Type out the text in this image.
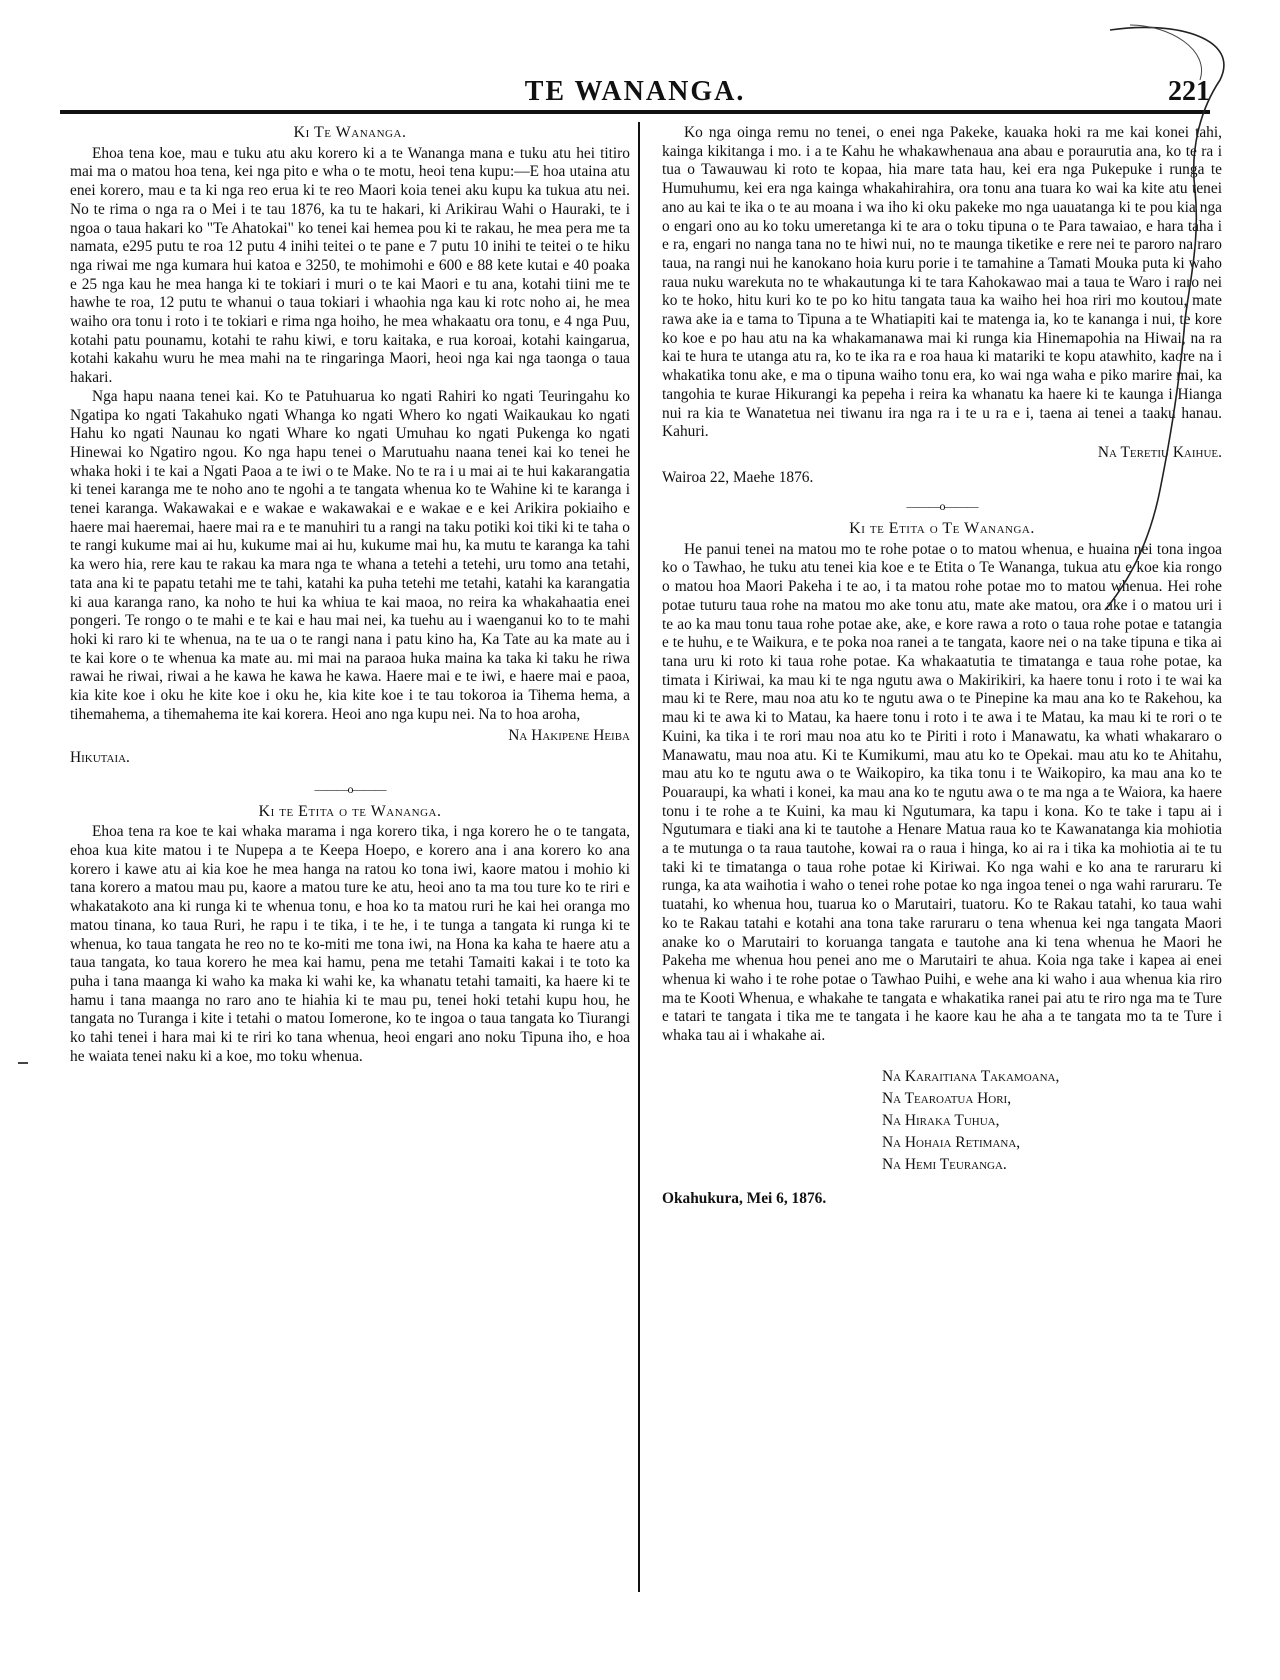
TE WANANGA.	221
Ki Te Wananga.

Ehoa tena koe, mau e tuku atu aku korero ki a te Wananga mana e tuku atu hei titiro mai ma o matou hoa tena, kei nga pito e wha o te motu, heoi tena kupu:—E hoa utaina atu enei korero, mau e ta ki nga reo erua ki te reo Maori koia tenei aku kupu ka tukua atu nei. No te rima o nga ra o Mei i te tau 1876, ka tu te hakari, ki Arikirau Wahi o Hauraki, te i ngoa o taua hakari ko "Te Ahatokai" ko tenei kai hemea pou ki te rakau, he mea pera me ta namata, e295 putu te roa 12 putu 4 inihi teitei o te pane e 7 putu 10 inihi te teitei o te hiku nga riwai me nga kumara hui katoa e 3250, te mohimohi e 600 e 88 kete kutai e 40 poaka e 25 nga kau he mea hanga ki te tokiari i muri o te kai Maori e tu ana, kotahi tiini me te hawhe te roa, 12 putu te whanui o taua tokiari i whaohia nga kau ki rotc noho ai, he mea waiho ora tonu i roto i te tokiari e rima nga hoiho, he mea whakaatu ora tonu, e 4 nga Puu, kotahi patu pounamu, kotahi te rahu kiwi, e toru kaitaka, e rua koroai, kotahi kaingarua, kotahi kakahu wuru he mea mahi na te ringaringa Maori, heoi nga kai nga taonga o taua hakari.

Nga hapu naana tenei kai. Ko te Patuhuarua ko ngati Rahiri ko ngati Teuringahu ko Ngatipa ko ngati Takahuko ngati Whanga ko ngati Whero ko ngati Waikaukau ko ngati Hahu ko ngati Naunau ko ngati Whare ko ngati Umuhau ko ngati Pukenga ko ngati Hinewai ko Ngatiro ngou. Ko nga hapu tenei o Marutuahu naana tenei kai ko tenei he whaka hoki i te kai a Ngati Paoa a te iwi o te Make. No te ra i u mai ai te hui kakarangatia ki tenei karanga me te noho ano te ngohi a te tangata whenua ko te Wahine ki te karanga i tenei karanga. Wakawakai e e wakae e wakawakai e e wakae e e kei Arikira pokiaiho e haere mai haeremai, haere mai ra e te manuhiri tu a rangi na taku potiki koi tiki ki te taha o te rangi kukume mai ai hu, kukume mai ai hu, kukume mai hu, ka mutu te karanga ka tahi ka wero hia, rere kau te rakau ka mara nga te whana a tetehi a tetehi, uru tomo ana tetahi, tata ana ki te papatu tetahi me te tahi, katahi ka puha tetehi me tetahi, katahi ka karangatia ki aua karanga rano, ka noho te hui ka whiua te kai maoa, no reira ka whakahaatia enei pongeri. Te rongo o te mahi e te kai e hau mai nei, ka tuehu au i waenganui ko to te mahi hoki ki raro ki te whenua, na te ua o te rangi nana i patu kino ha, Ka Tate au ka mate au i te kai kore o te whenua ka mate au. mi mai na paraoa huka maina ka taka ki taku he riwa rawai he riwai, riwai a he kawa he kawa he kawa. Haere mai e te iwi, e haere mai e paoa, kia kite koe i oku he kite koe i oku he, kia kite koe i te tau tokoroa ia Tihema hema, a tihemahema, a tihemahema ite kai korera. Heoi ano nga kupu nei. Na to hoa aroha,

Na Hakipene Heiba
Hikutaia.
———o———
Ki te Etita o te Wananga.

Ehoa tena ra koe te kai whaka marama i nga korero tika, i nga korero he o te tangata, ehoa kua kite matou i te Nupepa a te Keepa Hoepo, e korero ana i ana korero ko ana korero i kawe atu ai kia koe he mea hanga na ratou ko tona iwi, kaore matou i mohio ki tana korero a matou mau pu, kaore a matou ture ke atu, heoi ano ta ma tou ture ko te riri e whakatakoto ana ki runga ki te whenua tonu, e hoa ko ta matou ruri he kai hei oranga mo matou tinana, ko taua Ruri, he rapu i te tika, i te he, i te tunga a tangata ki runga ki te whenua, ko taua tangata he reo no te ko-miti me tona iwi, na Hona ka kaha te haere atu a taua tangata, ko taua korero he mea kai hamu, pena me tetahi Tamaiti kakai i te toto ka puha i tana maanga ki waho ka maka ki wahi ke, ka whanatu tetahi tamaiti, ka haere ki te hamu i tana maanga no raro ano te hiahia ki te mau pu, tenei hoki tetahi kupu hou, he tangata no Turanga i kite i tetahi o matou Iomerone, ko te ingoa o taua tangata ko Tiurangi ko tahi tenei i hara mai ki te riri ko tana whenua, heoi engari ano noku Tipuna iho, e hoa he waiata tenei naku ki a koe, mo toku whenua.

Ko nga oinga remu no tenei, o enei nga Pakeke, kauaka hoki ra me kai konei tahi, kainga kikitanga i mo. i a te Kahu he whakawhenaua ana abau e poraurutia ana, ko te ra i tua o Tawauwau ki roto te kopaa, hia mare tata hau, kei era nga Pukepuke i runga te Humuhumu, kei era nga kainga whakahirahira, ora tonu ana tuara ko wai ka kite atu tenei ano au kai te ika o te au moana i wa iho ki oku pakeke mo nga uauatanga ki te pou kia nga o engari ono au ko toku umeretanga ki te ara o toku tipuna o te Para tawaiao, e hara taha i e ra, engari no nanga tana no te hiwi nui, no te maunga tiketike e rere nei te paroro na raro taua, na rangi nui he kanokano hoia kuru porie i te tamahine a Tamati Mouka puta ki waho raua nuku warekuta no te whakautunga ki te tara Kahokawao mai a taua te Waro i raro nei ko te hoko, hitu kuri ko te po ko hitu tangata taua ka waiho hei hoa riri mo koutou, mate rawa ake ia e tama to Tipuna a te Whatiapiti kai te matenga ia, ko te kananga i nui, te kore ko koe e po hau atu na ka whakamanawa mai ki runga kia Hinemapohia na Hiwai, na ra kai te hura te utanga atu ra, ko te ika ra e roa haua ki matariki te kopu atawhito, kaore na i whakatika tonu ake, e ma o tipuna waiho tonu era, ko wai nga waha e piko marire mai, ka tangohia te kurae Hikurangi ka pepeha i reira ka whanatu ka haere ki te kaunga i Hianga nui ra kia te Wanatetua nei tiwanu ira nga ra i te u ra e i, taena ai tenei a taaku hanau. Kahuri.

Na Teretiu Kaihue.
Wairoa 22, Maehe 1876.
———o———
Ki te Etita o Te Wananga.

He panui tenei na matou mo te rohe potae o to matou whenua, e huaina nei tona ingoa ko o Tawhao, he tuku atu tenei kia koe e te Etita o Te Wananga, tukua atu e koe kia rongo o matou hoa Maori Pakeha i te ao, i ta matou rohe potae mo to matou whenua. Hei rohe potae tuturu taua rohe na matou mo ake tonu atu, mate ake matou, ora ake i o matou uri i te ao ka mau tonu taua rohe potae ake, ake, e kore rawa a roto o taua rohe potae e tatangia e te huhu, e te Waikura, e te poka noa ranei a te tangata, kaore nei o na take tipuna e tika ai tana uru ki roto ki taua rohe potae. Ka whakaatutia te timatanga e taua rohe potae, ka timata i Kiriwai, ka mau ki te nga ngutu awa o Makirikiri, ka haere tonu i roto i te wai ka mau ki te Rere, mau noa atu ko te ngutu awa o te Pinepine ka mau ana ko te Rakehou, ka mau ki te awa ki to Matau, ka haere tonu i roto i te awa i te Matau, ka mau ki te rori o te Kuini, ka tika i te rori mau noa atu ko te Piriti i roto i Manawatu, ka whati whakararo o Manawatu, mau noa atu. Ki te Kumikumi, mau atu ko te Opekai. mau atu ko te Ahitahu, mau atu ko te ngutu awa o te Waikopiro, ka tika tonu i te Waikopiro, ka mau ana ko te Pouaraupi, ka whati i konei, ka mau ana ko te ngutu awa o te ma nga a te Waiora, ka haere tonu i te rohe a te Kuini, ka mau ki Ngutumara, ka tapu i kona. Ko te take i tapu ai i Ngutumara e tiaki ana ki te tautohe a Henare Matua raua ko te Kawanatanga kia mohiotia a te mutunga o ta raua tautohe, kowai ra o raua i hinga, ko ai ra i tika ka mohiotia ai te tu taki ki te timatanga o taua rohe potae ki Kiriwai. Ko nga wahi e ko ana te raruraru ki runga, ka ata waihotia i waho o tenei rohe potae ko nga ingoa tenei o nga wahi raruraru. Te tuatahi, ko whenua hou, tuarua ko o Marutairi, tuatoru. Ko te Rakau tatahi, ko taua wahi ko te Rakau tatahi e kotahi ana tona take raruraru o tena whenua kei nga tangata Maori anake ko o Marutairi to koruanga tangata e tautohe ana ki tena whenua he Maori he Pakeha me whenua hou penei ano me o Marutairi te ahua. Koia nga take i kapea ai enei whenua ki waho i te rohe potae o Tawhao Puihi, e wehe ana ki waho i aua whenua kia riro ma te Kooti Whenua, e whakahe te tangata e whakatika ranei pai atu te riro nga ma te Ture e tatari te tangata i tika me te tangata i he kaore kau he aha a te tangata mo ta te Ture i whaka tau ai i whakahe ai.

Na Karaitiana Takamoana,
Na Tearoatua Hori,
Na Hiraka Tuhua,
Na Hohaia Retimana,
Na Hemi Teuranga.
Okahukura, Mei 6, 1876.
